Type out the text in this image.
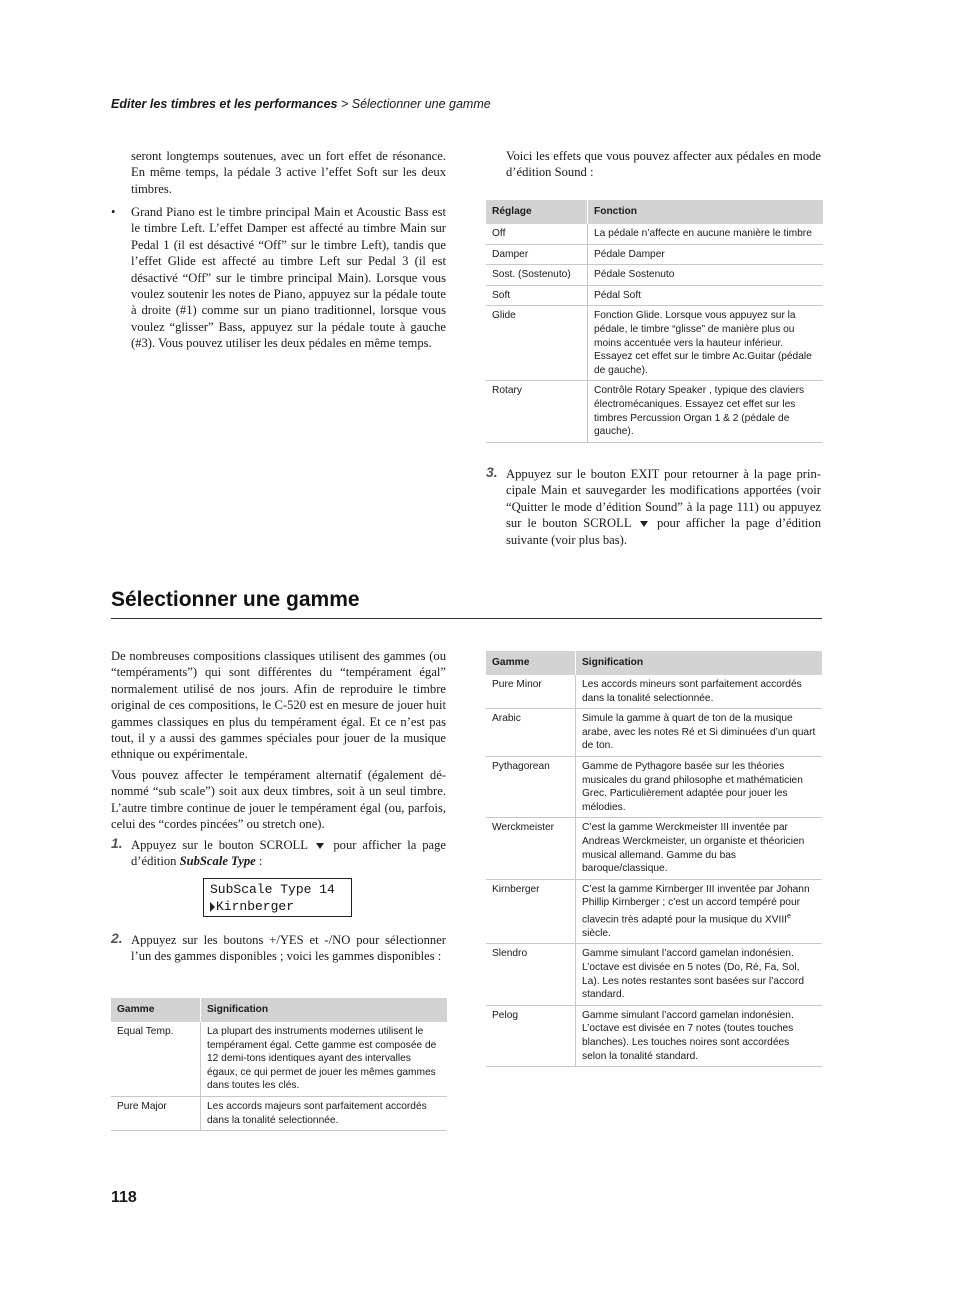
Editer les timbres et les performances > Sélectionner une gamme

seront longtemps soutenues, avec un fort effet de résonance. En même temps, la pédale 3 active l’effet Soft sur les deux timbres.

• Grand Piano est le timbre principal Main et Acoustic Bass est le timbre Left. L’effet Damper est affecté au timbre Main sur Pedal 1 (il est désactivé “Off” sur le timbre Left), tandis que l’effet Glide est affecté au timbre Left sur Pedal 3 (il est désactivé “Off” sur le timbre principal Main). Lorsque vous voulez soutenir les notes de Piano, appuyez sur la pédale toute à droite (#1) comme sur un piano traditionnel, lorsque vous voulez “glisser” Bass, appuyez sur la pédale toute à gauche (#3). Vous pouvez utiliser les deux pédales en même temps.

Voici les effets que vous pouvez affecter aux pédales en mode d’édition Sound :

Réglage	Fonction
Off	La pédale n’affecte en aucune manière le timbre
Damper	Pédale Damper
Sost. (Sostenuto)	Pédale Sostenuto
Soft	Pédal Soft
Glide	Fonction Glide. Lorsque vous appuyez sur la pédale, le timbre “glisse” de manière plus ou moins accentuée vers la hauteur inférieur. Essayez cet effet sur le timbre Ac.Guitar (pédale de gauche).
Rotary	Contrôle Rotary Speaker , typique des claviers électromécaniques. Essayez cet effet sur les timbres Percussion Organ 1 & 2 (pédale de gauche).
3. Appuyez sur le bouton EXIT pour retourner à la page principale Main et sauvegarder les modifications apportées (voir “Quitter le mode d’édition Sound” à la page 111) ou appuyez sur le bouton SCROLL pour afficher la page d’édition suivante (voir plus bas).

Sélectionner une gamme

De nombreuses compositions classiques utilisent des gammes (ou “tempéraments”) qui sont différentes du “tempérament égal” normalement utilisé de nos jours. Afin de reproduire le timbre original de ces compositions, le C-520 est en mesure de jouer huit gammes classiques en plus du tempérament égal. Et ce n’est pas tout, il y a aussi des gammes spéciales pour jouer de la musique ethnique ou expérimentale.

Vous pouvez affecter le tempérament alternatif (également dénommé “sub scale”) soit aux deux timbres, soit à un seul timbre. L’autre timbre continue de jouer le tempérament égal (ou, parfois, celui des “cordes pincées” ou stretch one).

1. Appuyez sur le bouton SCROLL pour afficher la page d’édition SubScale Type :

SubScale Type 14
Kirnberger
2. Appuyez sur les boutons +/YES et -/NO pour sélectionner l’un des gammes disponibles ; voici les gammes disponibles :

Gamme	Signification
Equal Temp.	La plupart des instruments modernes utilisent le tempérament égal. Cette gamme est composée de 12 demi-tons identiques ayant des intervalles égaux, ce qui permet de jouer les mêmes gammes dans toutes les clés.
Pure Major	Les accords majeurs sont parfaitement accordés dans la tonalité selectionnée.
Gamme	Signification
Pure Minor	Les accords mineurs sont parfaitement accordés dans la tonalité selectionnée.
Arabic	Simule la gamme à quart de ton de la musique arabe, avec les notes Ré et Si diminuées d’un quart de ton.
Pythagorean	Gamme de Pythagore basée sur les théories musicales du grand philosophe et mathématicien Grec. Particulièrement adaptée pour jouer les mélodies.
Werckmeister	C’est la gamme Werckmeister III inventée par Andreas Werckmeister, un organiste et théoricien musical allemand. Gamme du bas baroque/classique.
Kirnberger	C’est la gamme Kirnberger III inventée par Johann Phillip Kirnberger ; c’est un accord tempéré pour clavecin très adapté pour la musique du XVIIIe siècle.
Slendro	Gamme simulant l’accord gamelan indonésien. L’octave est divisée en 5 notes (Do, Ré, Fa, Sol, La). Les notes restantes sont basées sur l’accord standard.
Pelog	Gamme simulant l’accord gamelan indonésien. L’octave est divisée en 7 notes (toutes touches blanches). Les touches noires sont accordées selon la tonalité standard.
118
